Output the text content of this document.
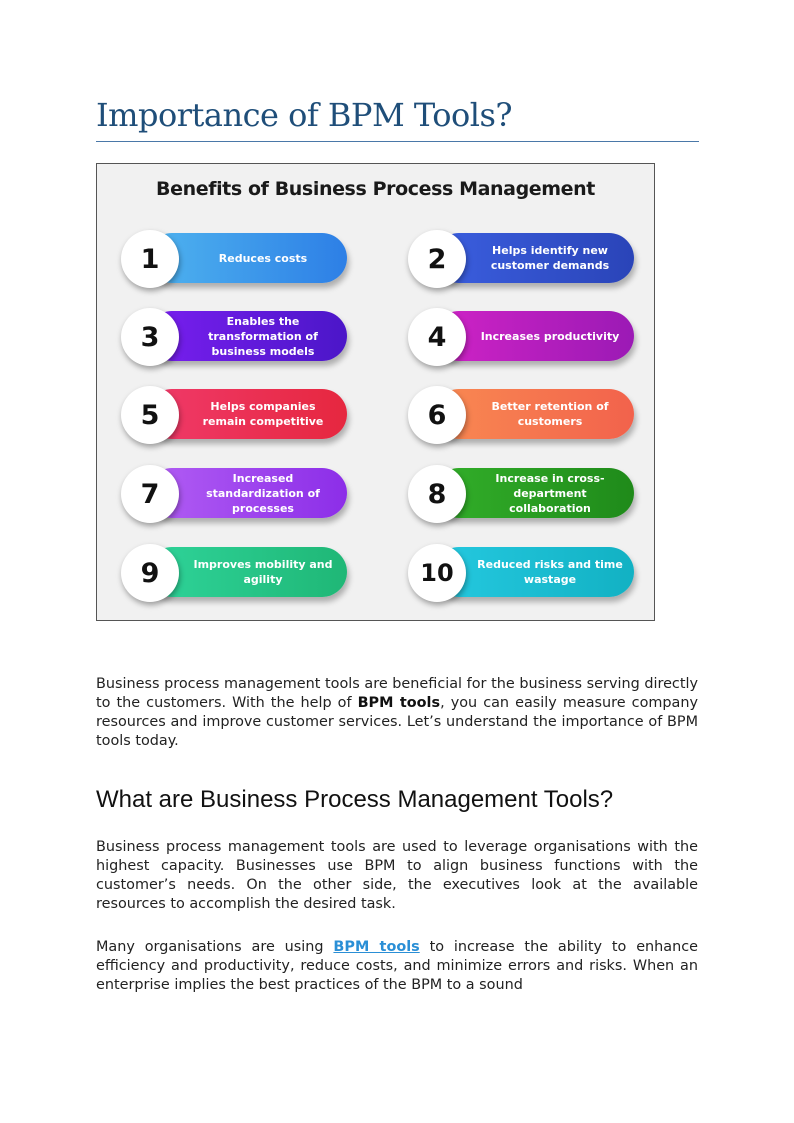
Importance of BPM Tools?
Benefits of Business Process Management
Reduces costs
1	Helps identify new customer demands
2
Enables the transformation of business models
3	Increases productivity
4
Helps companies remain competitive
5	Better retention of customers
6
Increased standardization of processes
7
Increase in cross-department collaboration
8
Improves mobility and agility
9	Reduced risks and time wastage
10

Business process management tools are beneficial for the business serving directly to the customers. With the help of BPM tools, you can easily measure company resources and improve customer services. Let’s understand the importance of BPM tools today.

What are Business Process Management Tools?

Business process management tools are used to leverage organisations with the highest capacity. Businesses use BPM to align business functions with the customer’s needs. On the other side, the executives look at the available resources to accomplish the desired task.

Many organisations are using BPM tools to increase the ability to enhance efficiency and productivity, reduce costs, and minimize errors and risks. When an enterprise implies the best practices of the BPM to a sound
